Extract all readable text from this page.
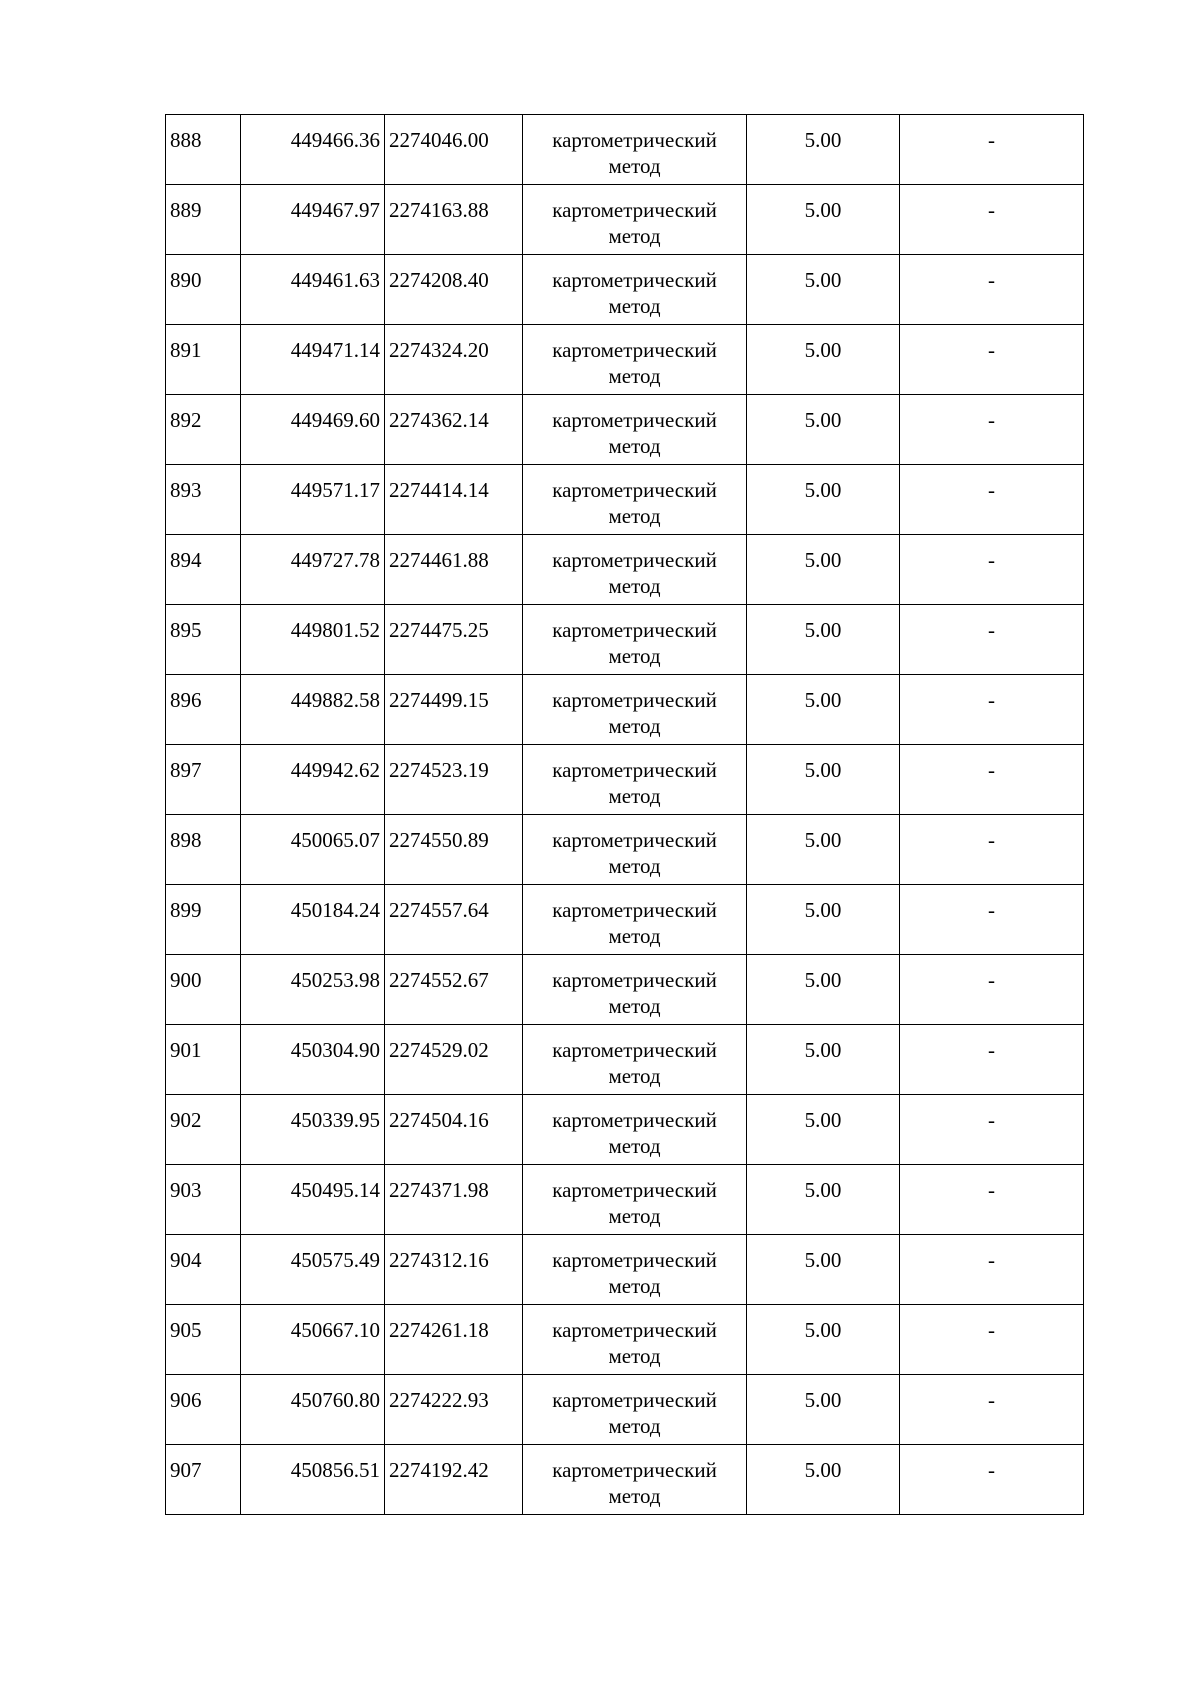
888	449466.36	2274046.00	картометрический метод	5.00	-
889	449467.97	2274163.88	картометрический метод	5.00	-
890	449461.63	2274208.40	картометрический метод	5.00	-
891	449471.14	2274324.20	картометрический метод	5.00	-
892	449469.60	2274362.14	картометрический метод	5.00	-
893	449571.17	2274414.14	картометрический метод	5.00	-
894	449727.78	2274461.88	картометрический метод	5.00	-
895	449801.52	2274475.25	картометрический метод	5.00	-
896	449882.58	2274499.15	картометрический метод	5.00	-
897	449942.62	2274523.19	картометрический метод	5.00	-
898	450065.07	2274550.89	картометрический метод	5.00	-
899	450184.24	2274557.64	картометрический метод	5.00	-
900	450253.98	2274552.67	картометрический метод	5.00	-
901	450304.90	2274529.02	картометрический метод	5.00	-
902	450339.95	2274504.16	картометрический метод	5.00	-
903	450495.14	2274371.98	картометрический метод	5.00	-
904	450575.49	2274312.16	картометрический метод	5.00	-
905	450667.10	2274261.18	картометрический метод	5.00	-
906	450760.80	2274222.93	картометрический метод	5.00	-
907	450856.51	2274192.42	картометрический метод	5.00	-
